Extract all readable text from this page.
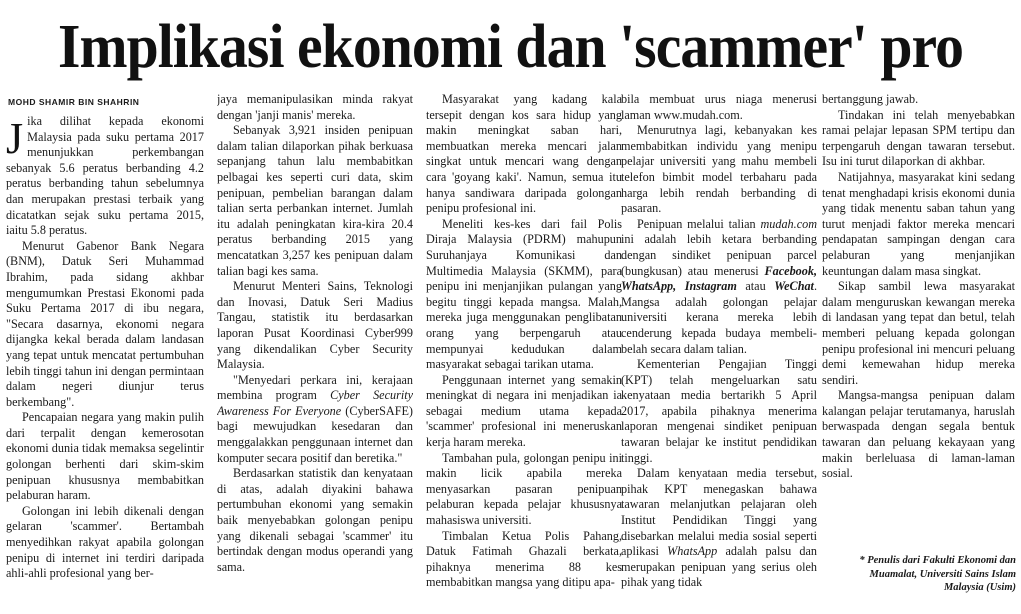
Implikasi ekonomi dan 'scammer' pro
MOHD SHAMIR BIN SHAHRIN

Jika dilihat kepada ekonomi Malaysia pada suku pertama 2017 menunjukkan perkembangan sebanyak 5.6 peratus berbanding 4.2 peratus berbanding tahun sebelumnya dan merupakan prestasi terbaik yang dicatatkan sejak suku pertama 2015, iaitu 5.8 peratus.

Menurut Gabenor Bank Negara (BNM), Datuk Seri Muhammad Ibrahim, pada sidang akhbar mengumumkan Prestasi Ekonomi pada Suku Pertama 2017 di ibu negara, "Secara dasarnya, ekonomi negara dijangka kekal berada dalam landasan yang tepat untuk mencatat pertumbuhan lebih tinggi tahun ini dengan permintaan dalam negeri diunjur terus berkembang".

Pencapaian negara yang makin pulih dari terpalit dengan kemerosotan ekonomi dunia tidak memaksa segelintir golongan berhenti dari skim-skim penipuan khususnya membabitkan pelaburan haram.

Golongan ini lebih dikenali dengan gelaran 'scammer'. Bertambah menyedihkan rakyat apabila golongan penipu di internet ini terdiri daripada ahli-ahli profesional yang ber-

jaya memanipulasikan minda rakyat dengan 'janji manis' mereka.

Sebanyak 3,921 insiden penipuan dalam talian dilaporkan pihak berkuasa sepanjang tahun lalu membabitkan pelbagai kes seperti curi data, skim penipuan, pembelian barangan dalam talian serta perbankan internet. Jumlah itu adalah peningkatan kira-kira 20.4 peratus berbanding 2015 yang mencatatkan 3,257 kes penipuan dalam talian bagi kes sama.

Menurut Menteri Sains, Teknologi dan Inovasi, Datuk Seri Madius Tangau, statistik itu berdasarkan laporan Pusat Koordinasi Cyber999 yang dikendalikan Cyber Security Malaysia.

"Menyedari perkara ini, kerajaan membina program Cyber Security Awareness For Everyone (CyberSAFE) bagi mewujudkan kesedaran dan menggalakkan penggunaan internet dan komputer secara positif dan beretika."

Berdasarkan statistik dan kenyataan di atas, adalah diyakini bahawa pertumbuhan ekonomi yang semakin baik menyebabkan golongan penipu yang dikenali sebagai 'scammer' itu bertindak dengan modus operandi yang sama.

Masyarakat yang kadang kala tersepit dengan kos sara hidup yang makin meningkat saban hari, membuatkan mereka mencari jalan singkat untuk mencari wang dengan cara 'goyang kaki'. Namun, semua itu hanya sandiwara daripada golongan penipu profesional ini.

Meneliti kes-kes dari fail Polis Diraja Malaysia (PDRM) mahupun Suruhanjaya Komunikasi dan Multimedia Malaysia (SKMM), para penipu ini menjanjikan pulangan yang begitu tinggi kepada mangsa. Malah, mereka juga menggunakan penglibatan orang yang berpengaruh atau mempunyai kedudukan dalam masyarakat sebagai tarikan utama.

Penggunaan internet yang semakin meningkat di negara ini menjadikan ia sebagai medium utama kepada 'scammer' profesional ini meneruskan kerja haram mereka.

Tambahan pula, golongan penipu ini makin licik apabila mereka menyasarkan pasaran penipuan pelaburan kepada pelajar khususnya mahasiswa universiti.

Timbalan Ketua Polis Pahang, Datuk Fatimah Ghazali berkata, pihaknya menerima 88 kes membabitkan mangsa yang ditipu apa-

bila membuat urus niaga menerusi laman www.mudah.com.

Menurutnya lagi, kebanyakan kes membabitkan individu yang menipu pelajar universiti yang mahu membeli telefon bimbit model terbaharu pada harga lebih rendah berbanding di pasaran.

Penipuan melalui talian mudah.com ini adalah lebih ketara berbanding dengan sindiket penipuan parcel (bungkusan) atau menerusi Facebook, WhatsApp, Instagram atau WeChat. Mangsa adalah golongan pelajar universiti kerana mereka lebih cenderung kepada budaya membeli-belah secara dalam talian.

Kementerian Pengajian Tinggi (KPT) telah mengeluarkan satu kenyataan media bertarikh 5 April 2017, apabila pihaknya menerima laporan mengenai sindiket penipuan tawaran belajar ke institut pendidikan tinggi.

Dalam kenyataan media tersebut, pihak KPT menegaskan bahawa tawaran melanjutkan pelajaran oleh Institut Pendidikan Tinggi yang disebarkan melalui media sosial seperti aplikasi WhatsApp adalah palsu dan merupakan penipuan yang serius oleh pihak yang tidak

bertanggung jawab.

Tindakan ini telah menyebabkan ramai pelajar lepasan SPM tertipu dan terpengaruh dengan tawaran tersebut. Isu ini turut dilaporkan di akhbar.

Natijahnya, masyarakat kini sedang tenat menghadapi krisis ekonomi dunia yang tidak menentu saban tahun yang turut menjadi faktor mereka mencari pendapatan sampingan dengan cara pelaburan yang menjanjikan keuntungan dalam masa singkat.

Sikap sambil lewa masyarakat dalam menguruskan kewangan mereka di landasan yang tepat dan betul, telah memberi peluang kepada golongan penipu profesional ini mencuri peluang demi kemewahan hidup mereka sendiri.

Mangsa-mangsa penipuan dalam kalangan pelajar terutamanya, haruslah berwaspada dengan segala bentuk tawaran dan peluang kekayaan yang makin berleluasa di laman-laman sosial.

* Penulis dari Fakulti Ekonomi dan Muamalat, Universiti Sains Islam Malaysia (Usim)
